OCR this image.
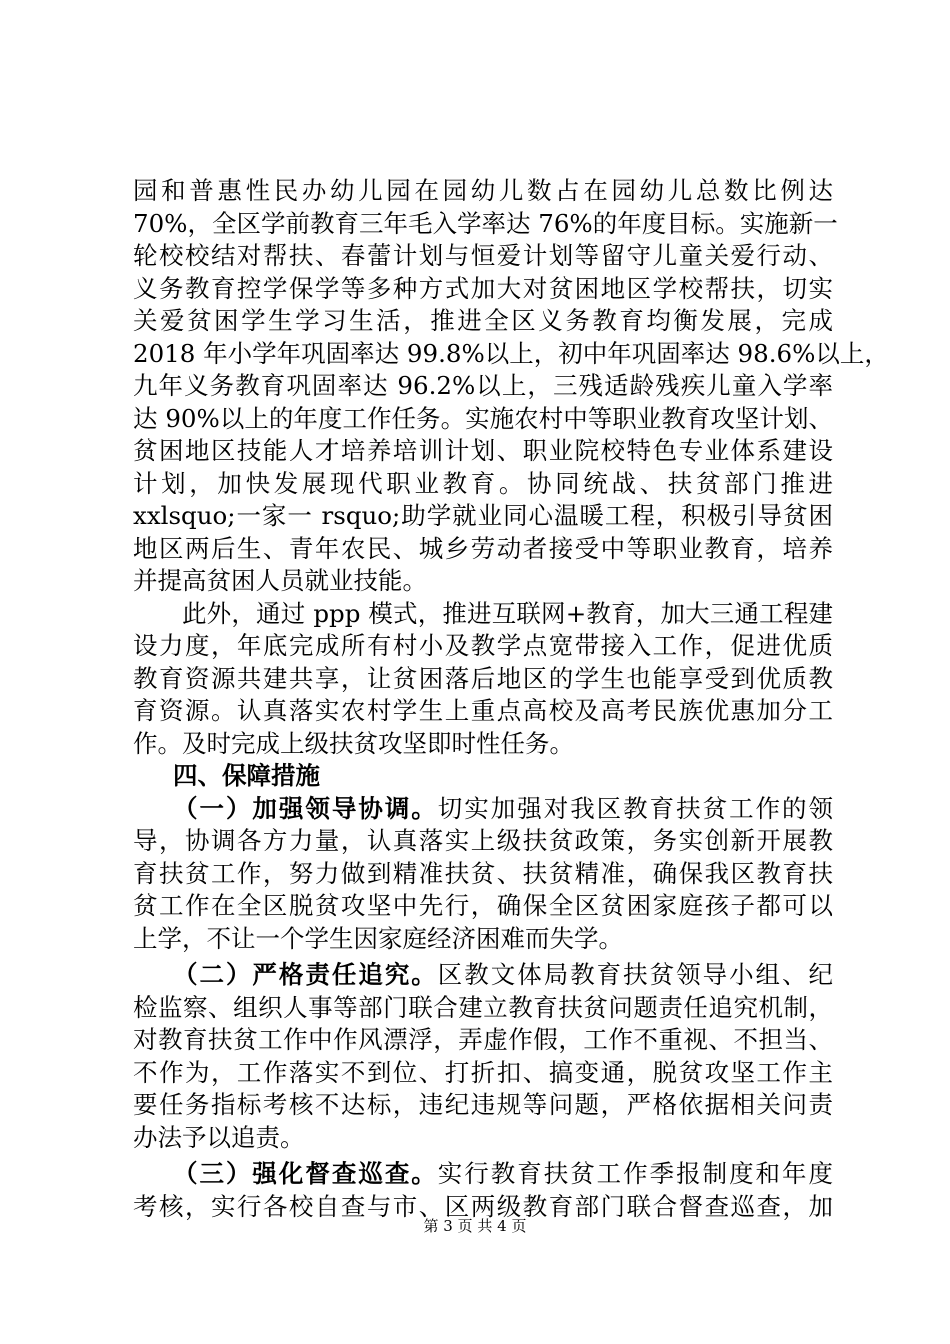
园和普惠性民办幼儿园在园幼儿数占在园幼儿总数比例达
70%，全区学前教育三年毛入学率达 76%的年度目标。实施新一
轮校校结对帮扶、春蕾计划与恒爱计划等留守儿童关爱行动、
义务教育控学保学等多种方式加大对贫困地区学校帮扶，切实
关爱贫困学生学习生活，推进全区义务教育均衡发展，完成
2018 年小学年巩固率达 99.8%以上，初中年巩固率达 98.6%以上，
九年义务教育巩固率达 96.2%以上，三残适龄残疾儿童入学率
达 90%以上的年度工作任务。实施农村中等职业教育攻坚计划、
贫困地区技能人才培养培训计划、职业院校特色专业体系建设
计划，加快发展现代职业教育。协同统战、扶贫部门推进
xxlsquo;一家一 rsquo;助学就业同心温暖工程，积极引导贫困
地区两后生、青年农民、城乡劳动者接受中等职业教育，培养
并提高贫困人员就业技能。
此外，通过 ppp 模式，推进互联网+教育，加大三通工程建
设力度，年底完成所有村小及教学点宽带接入工作，促进优质
教育资源共建共享，让贫困落后地区的学生也能享受到优质教
育资源。认真落实农村学生上重点高校及高考民族优惠加分工
作。及时完成上级扶贫攻坚即时性任务。
四、保障措施
（一）加强领导协调。切实加强对我区教育扶贫工作的领
导，协调各方力量，认真落实上级扶贫政策，务实创新开展教
育扶贫工作，努力做到精准扶贫、扶贫精准，确保我区教育扶
贫工作在全区脱贫攻坚中先行，确保全区贫困家庭孩子都可以
上学，不让一个学生因家庭经济困难而失学。
（二）严格责任追究。区教文体局教育扶贫领导小组、纪
检监察、组织人事等部门联合建立教育扶贫问题责任追究机制，
对教育扶贫工作中作风漂浮，弄虚作假，工作不重视、不担当、
不作为，工作落实不到位、打折扣、搞变通，脱贫攻坚工作主
要任务指标考核不达标，违纪违规等问题，严格依据相关问责
办法予以追责。
（三）强化督查巡查。实行教育扶贫工作季报制度和年度
考核，实行各校自查与市、区两级教育部门联合督查巡查，加
第 3 页 共 4 页
